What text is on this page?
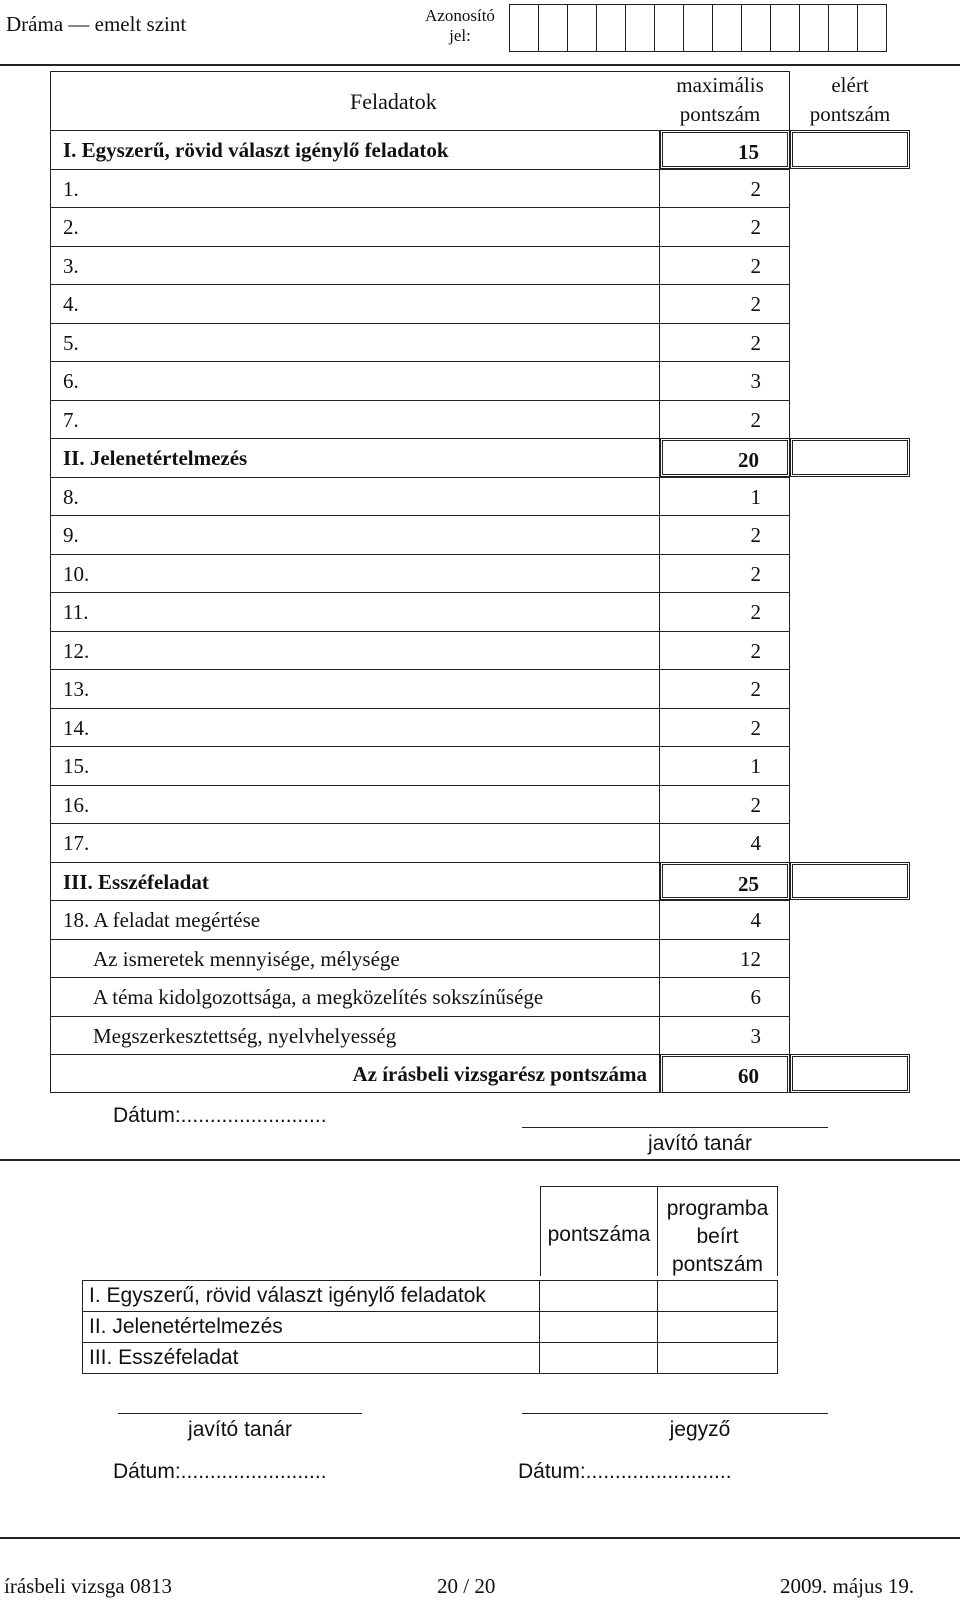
Dráma — emelt szint	Azonosító jel:
Feladatok
maximális pontszám
elért pontszám
I. Egyszerű, rövid választ igénylő feladatok	15
1.	2
2.	2
3.	2
4.	2
5.	2
6.	3
7.	2
II. Jelenetértelmezés	20
8.	1
9.	2
10.	2
11.	2
12.	2
13.	2
14.	2
15.	1
16.	2
17.	4
III. Esszéfeladat	25
18. A feladat megértése	4
Az ismeretek mennyisége, mélysége	12
A téma kidolgozottsága, a megközelítés sokszínűsége	6
Megszerkesztettség, nyelvhelyesség	3
Az írásbeli vizsgarész pontszáma	60
Dátum:.........................
javító tanár
pontszáma
programba beírt pontszám
I. Egyszerű, rövid választ igénylő feladatok
II. Jelenetértelmezés
III. Esszéfeladat
javító tanár	jegyző
Dátum:.........................	Dátum:.........................
írásbeli vizsga 0813	20 / 20	2009. május 19.
